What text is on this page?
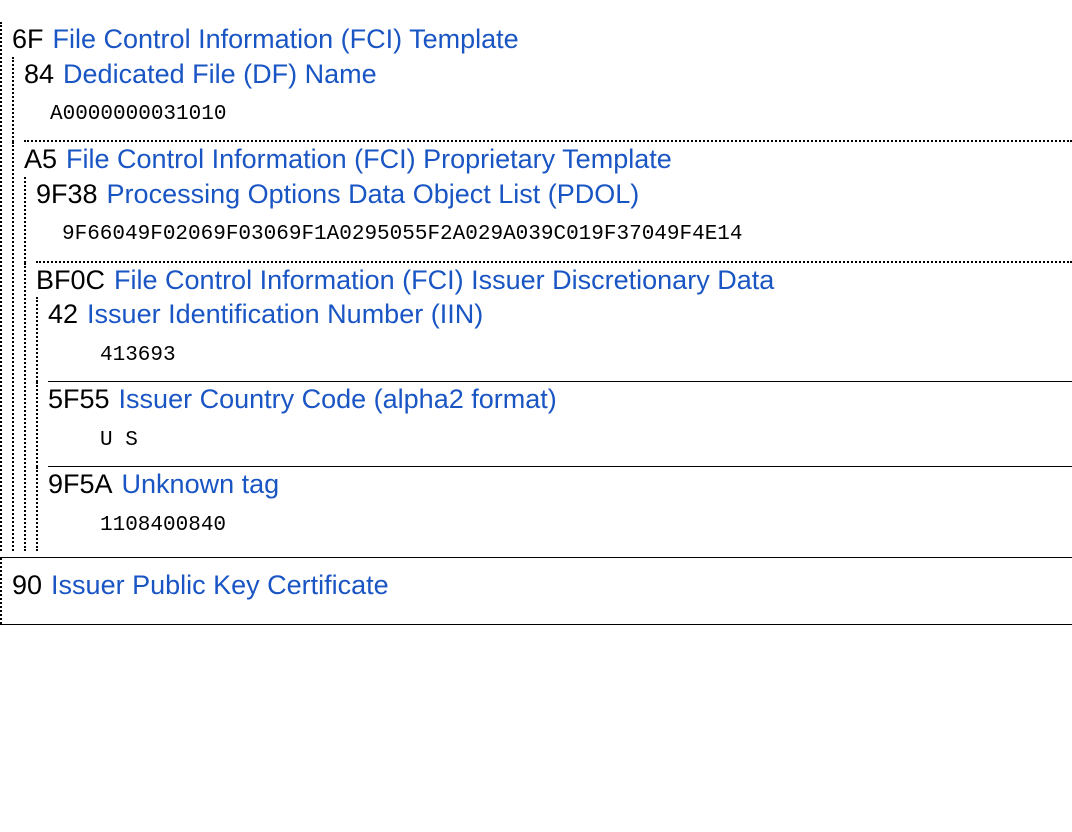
6F File Control Information (FCI) Template
84 Dedicated File (DF) Name
A0000000031010
A5 File Control Information (FCI) Proprietary Template
9F38 Processing Options Data Object List (PDOL)
9F66049F02069F03069F1A0295055F2A029A039C019F37049F4E14
BF0C File Control Information (FCI) Issuer Discretionary Data
42 Issuer Identification Number (IIN)
413693
5F55 Issuer Country Code (alpha2 format)
U S
9F5A Unknown tag
1108400840
90 Issuer Public Key Certificate
